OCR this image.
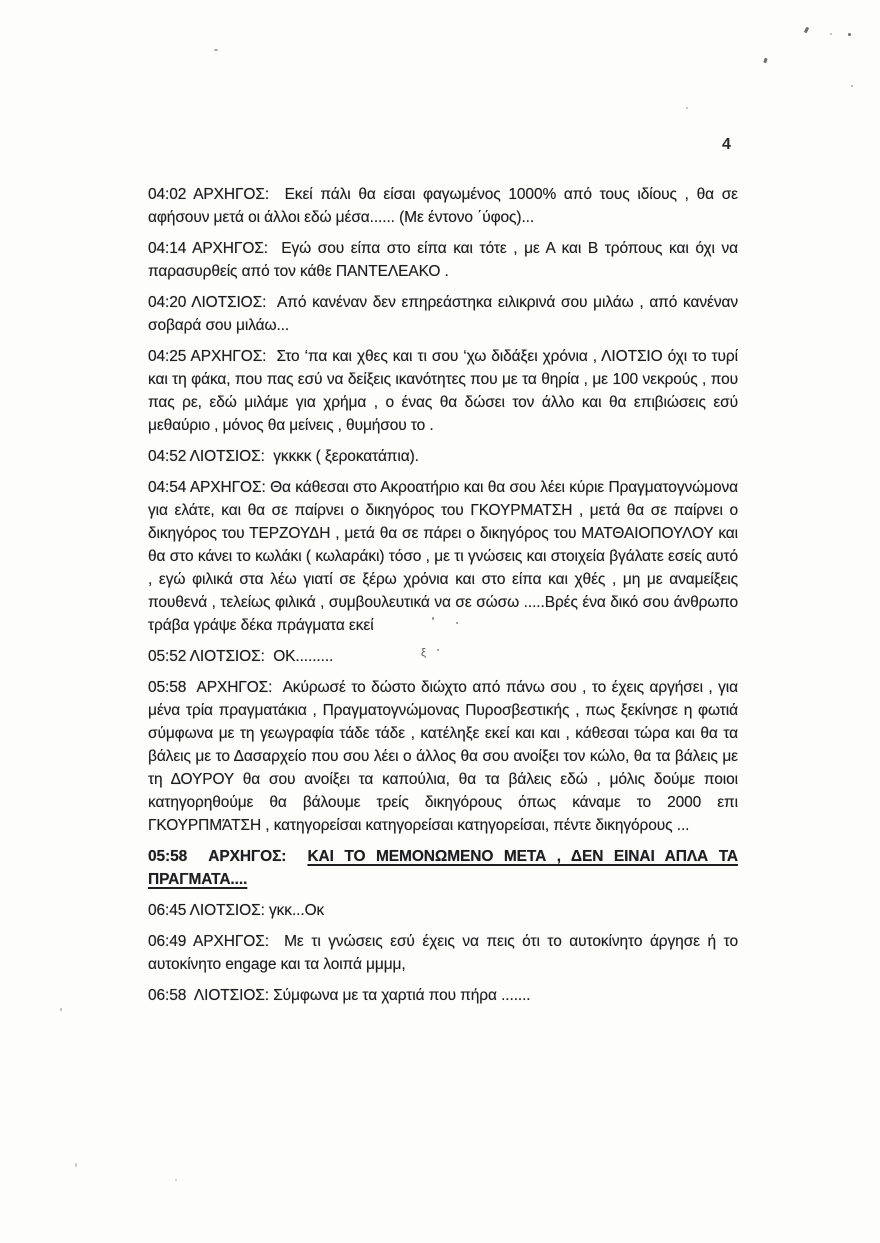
4

04:02 ΑΡΧΗΓΟΣ: Εκεί πάλι θα είσαι φαγωμένος 1000% από τους ιδίους , θα σε αφήσουν μετά οι άλλοι εδώ μέσα...... (Με έντονο ΄ύφος)...

04:14 ΑΡΧΗΓΟΣ: Εγώ σου είπα στο είπα και τότε , με Α και Β τρόπους και όχι να παρασυρθείς από τον κάθε ΠΑΝΤΕΛΕΑΚΟ .

04:20 ΛΙΟΤΣΙΟΣ: Από κανέναν δεν επηρεάστηκα ειλικρινά σου μιλάω , από κανέναν σοβαρά σου μιλάω...

04:25 ΑΡΧΗΓΟΣ: Στο ‘πα και χθες και τι σου ‘χω διδάξει χρόνια , ΛΙΟΤΣΙΟ όχι το τυρί και τη φάκα, που πας εσύ να δείξεις ικανότητες που με τα θηρία , με 100 νεκρούς , που πας ρε, εδώ μιλάμε για χρήμα , ο ένας θα δώσει τον άλλο και θα επιβιώσεις εσύ μεθαύριο , μόνος θα μείνεις , θυμήσου το .

04:52 ΛΙΟΤΣΙΟΣ: γκκκκ ( ξεροκατάπια).

04:54 ΑΡΧΗΓΟΣ: Θα κάθεσαι στο Ακροατήριο και θα σου λέει κύριε Πραγματογνώμονα για ελάτε, και θα σε παίρνει ο δικηγόρος του ΓΚΟΥΡΜΑΤΣΗ , μετά θα σε παίρνει ο δικηγόρος του ΤΕΡΖΟΥΔΗ , μετά θα σε πάρει ο δικηγόρος του ΜΑΤΘΑΙΟΠΟΥΛΟΥ και θα στο κάνει το κωλάκι ( κωλαράκι) τόσο , με τι γνώσεις και στοιχεία βγάλατε εσείς αυτό , εγώ φιλικά στα λέω γιατί σε ξέρω χρόνια και στο είπα και χθές , μη με αναμείξεις πουθενά , τελείως φιλικά , συμβουλευτικά να σε σώσω .....Βρές ένα δικό σου άνθρωπο τράβα γράψε δέκα πράγματα εκεί

05:52 ΛΙΟΤΣΙΟΣ: ΟΚ.........

05:58 ΑΡΧΗΓΟΣ: Ακύρωσέ το δώστο διώχτο από πάνω σου , το έχεις αργήσει , για μένα τρία πραγματάκια , Πραγματογνώμονας Πυροσβεστικής , πως ξεκίνησε η φωτιά σύμφωνα με τη γεωγραφία τάδε τάδε , κατέληξε εκεί και και , κάθεσαι τώρα και θα τα βάλεις με το Δασαρχείο που σου λέει ο άλλος θα σου ανοίξει τον κώλο, θα τα βάλεις με τη ΔΟΥΡΟΥ θα σου ανοίξει τα καπούλια, θα τα βάλεις εδώ , μόλις δούμε ποιοι κατηγορηθούμε θα βάλουμε τρείς δικηγόρους όπως κάναμε το 2000 επι ΓΚΟΥΡΠΜΆΤΣΗ , κατηγορείσαι κατηγορείσαι κατηγορείσαι, πέντε δικηγόρους ...

05:58 ΑΡΧΗΓΟΣ: ΚΑΙ ΤΟ ΜΕΜΟΝΩΜΕΝΟ ΜΕΤΑ , ΔΕΝ ΕΙΝΑΙ ΑΠΛΑ ΤΑ ΠΡΑΓΜΑΤΑ....

06:45 ΛΙΟΤΣΙΟΣ: γκκ...Οκ

06:49 ΑΡΧΗΓΟΣ: Με τι γνώσεις εσύ έχεις να πεις ότι το αυτοκίνητο άργησε ή το αυτοκίνητο engage και τα λοιπά μμμμ,

06:58 ΛΙΟΤΣΙΟΣ: Σύμφωνα με τα χαρτιά που πήρα .......

ξ
